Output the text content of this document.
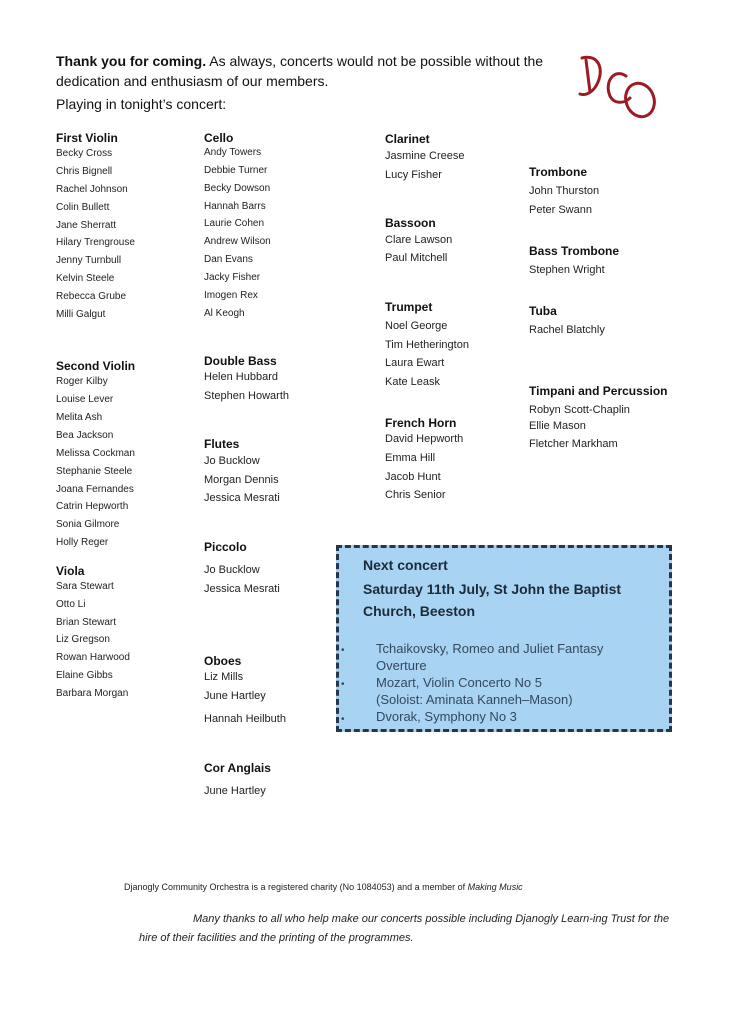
Thank you for coming. As always, concerts would not be possible without the
dedication and enthusiasm of our members.
Playing in tonight’s concert:
First Violin
Becky Cross
Chris Bignell
Rachel Johnson
Colin Bullett
Jane Sherratt
Hilary Trengrouse
Jenny Turnbull
Kelvin Steele
Rebecca Grube
Milli Galgut
Second Violin
Roger Kilby
Louise Lever
Melita Ash
Bea Jackson
Melissa Cockman
Stephanie Steele
Joana Fernandes
Catrin Hepworth
Sonia Gilmore
Holly Reger
Viola
Sara Stewart
Otto Li
Brian Stewart
Liz Gregson
Rowan Harwood
Elaine Gibbs
Barbara Morgan
Cello
Andy Towers
Debbie Turner
Becky Dowson
Hannah Barrs
Laurie Cohen
Andrew Wilson
Dan Evans
Jacky Fisher
Imogen Rex
Al Keogh
Double Bass
Helen Hubbard
Stephen Howarth
Flutes
Jo Bucklow
Morgan Dennis
Jessica Mesrati
Piccolo
Jo Bucklow
Jessica Mesrati
Oboes
Liz Mills
June Hartley
Hannah Heilbuth
Cor Anglais
June Hartley
Clarinet
Jasmine Creese
Lucy Fisher
Bassoon
Clare Lawson
Paul Mitchell
Trumpet
Noel George
Tim Hetherington
Laura Ewart
Kate Leask
French Horn
David Hepworth
Emma Hill
Jacob Hunt
Chris Senior
Trombone
John Thurston
Peter Swann
Bass Trombone
Stephen Wright
Tuba
Rachel Blatchly
Timpani and Percussion
Robyn Scott-Chaplin
Ellie Mason
Fletcher Markham
Next concert
Saturday 11th July, St John the Baptist
Church, Beeston
• Tchaikovsky, Romeo and Juliet Fantasy
Overture
• Mozart, Violin Concerto No 5
(Soloist: Aminata Kanneh–Mason)
• Dvorak, Symphony No 3
Djanogly Community Orchestra is a registered charity (No 1084053) and a member of Making Music
Many thanks to all who help make our concerts possible including Djanogly Learn-ing Trust for the hire of their facilities and the printing of the programmes.
